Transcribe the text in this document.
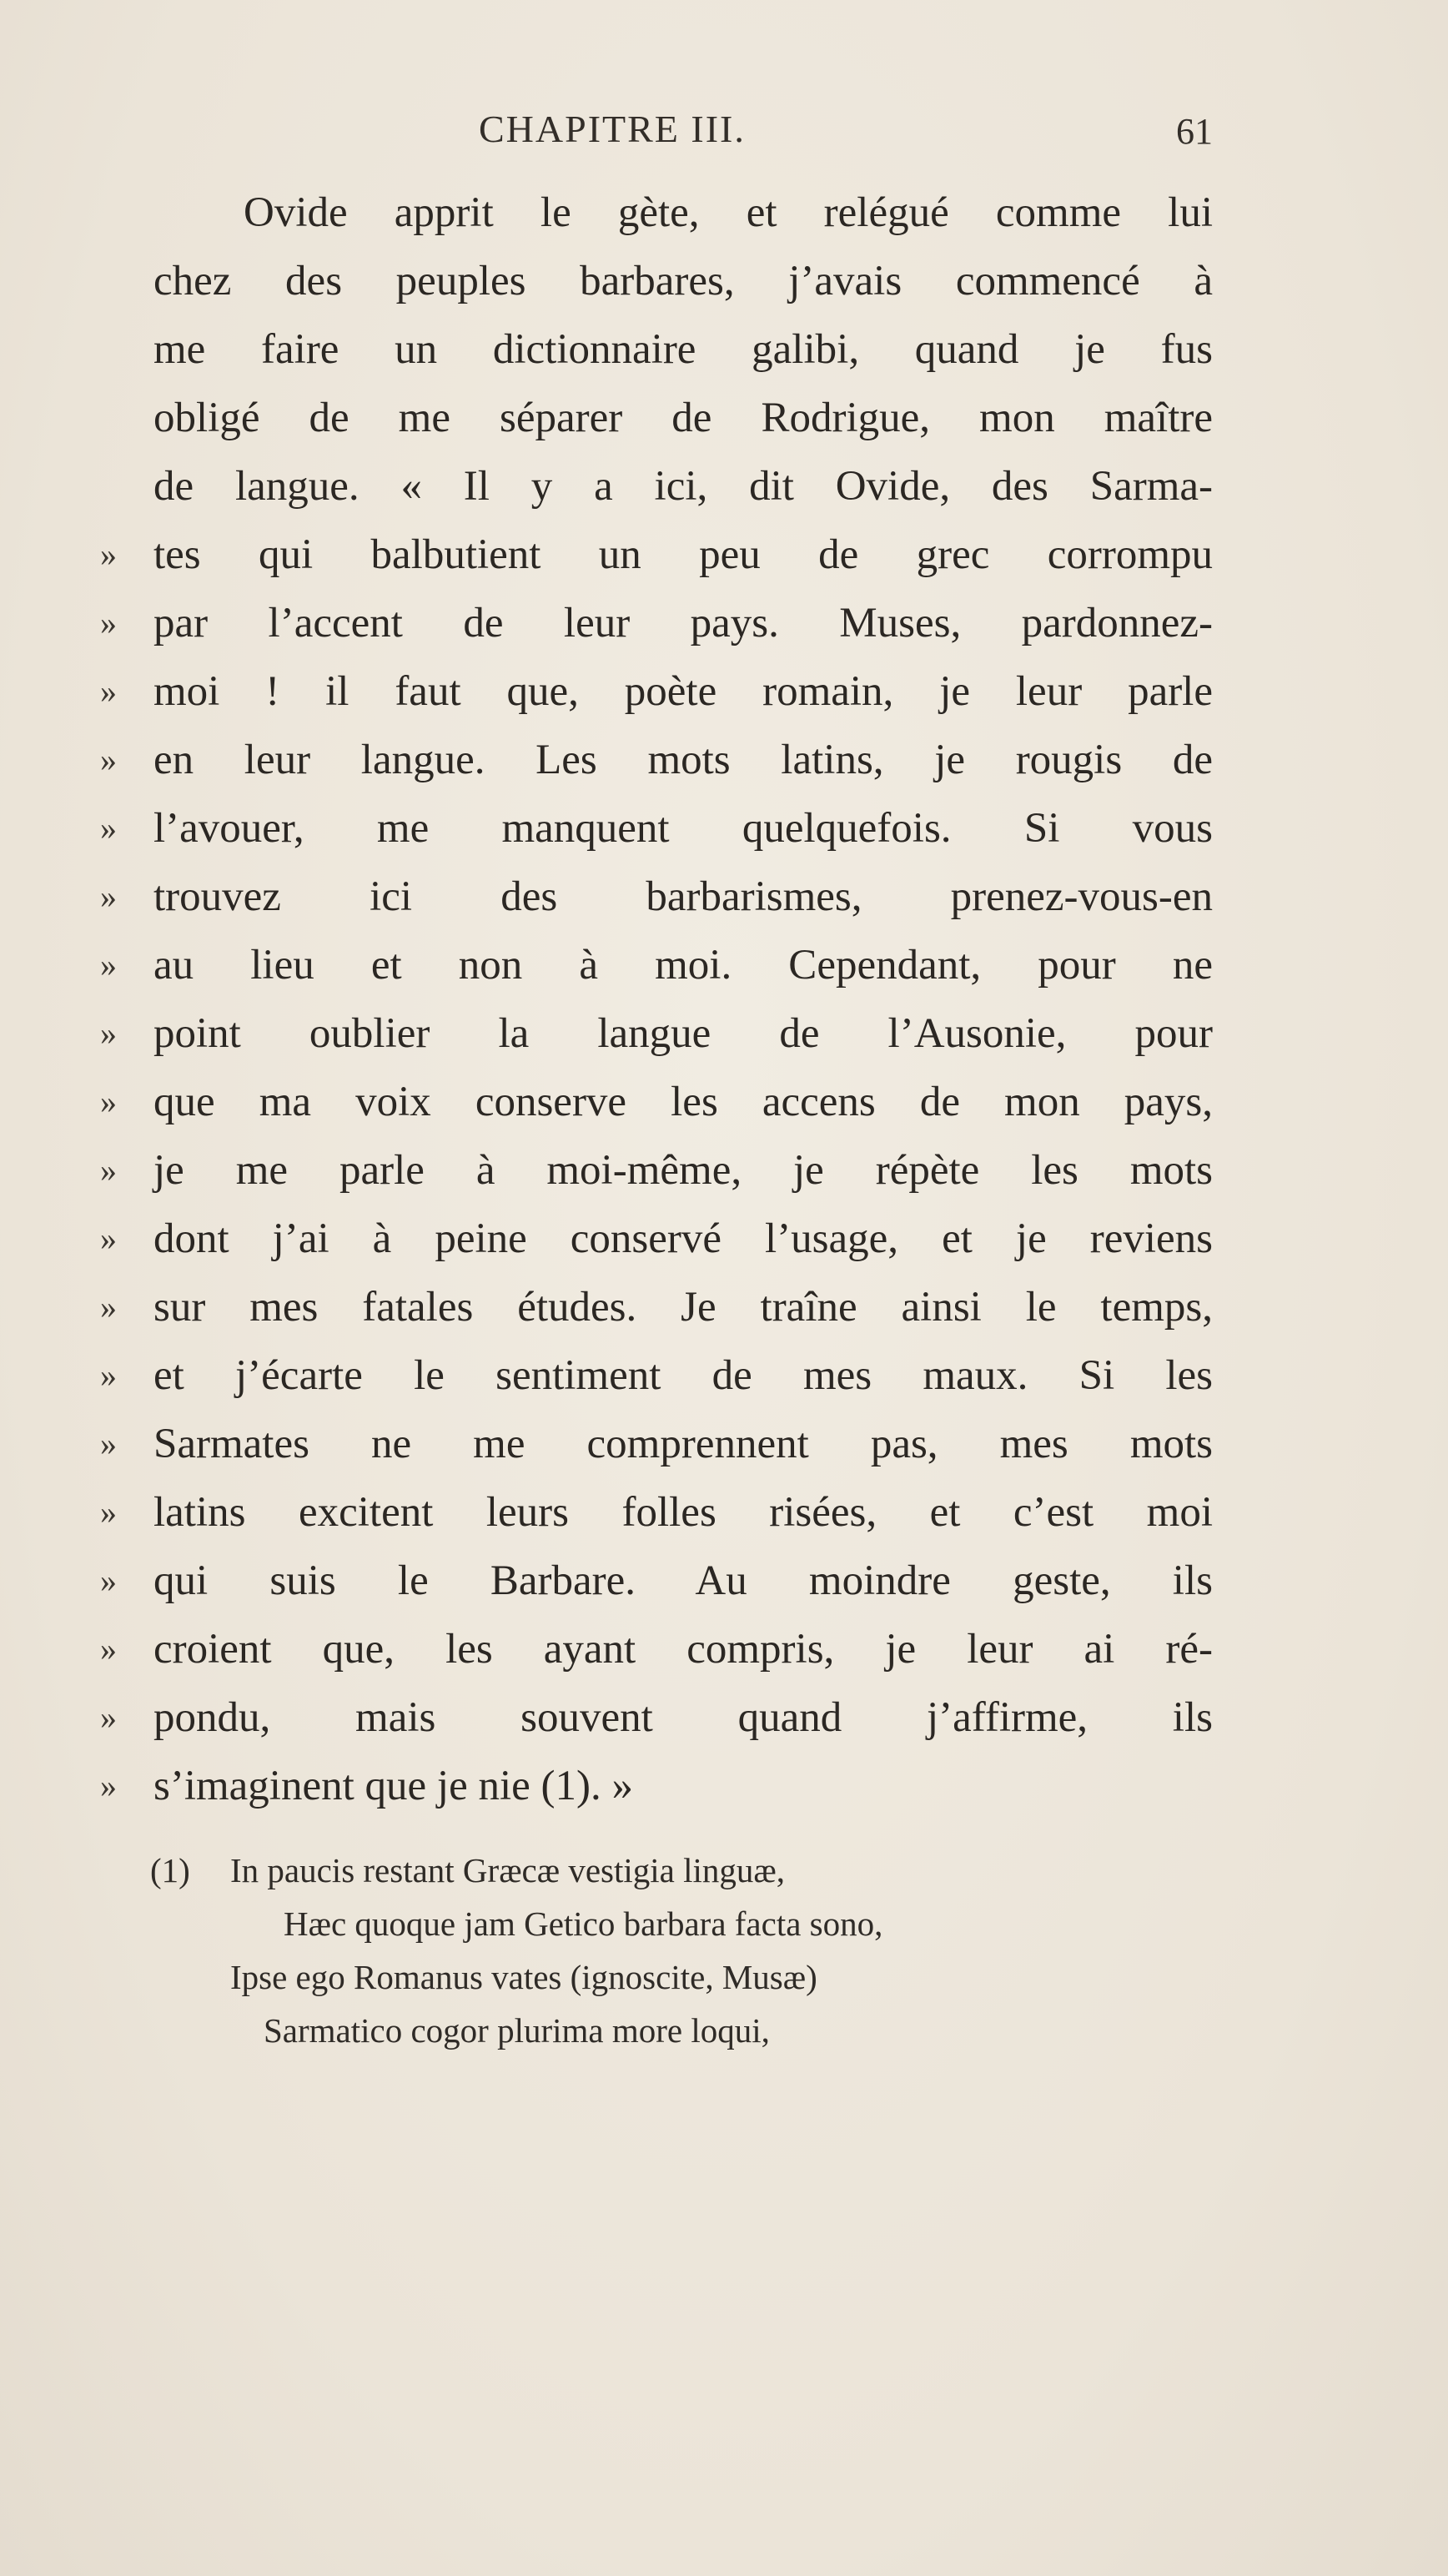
CHAPITRE III.	61
Ovide apprit le gète, et relégué comme lui
chez des peuples barbares, j’avais commencé à
me faire un dictionnaire galibi, quand je fus
obligé de me séparer de Rodrigue, mon maître
de langue. « Il y a ici, dit Ovide, des Sarma-
» tes qui balbutient un peu de grec corrompu
» par l’accent de leur pays. Muses, pardonnez-
» moi ! il faut que, poète romain, je leur parle
» en leur langue. Les mots latins, je rougis de
» l’avouer, me manquent quelquefois. Si vous
» trouvez ici des barbarismes, prenez-vous-en
» au lieu et non à moi. Cependant, pour ne
» point oublier la langue de l’Ausonie, pour
» que ma voix conserve les accens de mon pays,
» je me parle à moi-même, je répète les mots
» dont j’ai à peine conservé l’usage, et je reviens
» sur mes fatales études. Je traîne ainsi le temps,
» et j’écarte le sentiment de mes maux. Si les
» Sarmates ne me comprennent pas, mes mots
» latins excitent leurs folles risées, et c’est moi
» qui suis le Barbare. Au moindre geste, ils
» croient que, les ayant compris, je leur ai ré-
» pondu, mais souvent quand j’affirme, ils
» s’imaginent que je nie (1). »
(1) In paucis restant Græcæ vestigia linguæ,
Hæc quoque jam Getico barbara facta sono,
Ipse ego Romanus vates (ignoscite, Musæ)
Sarmatico cogor plurima more loqui,
